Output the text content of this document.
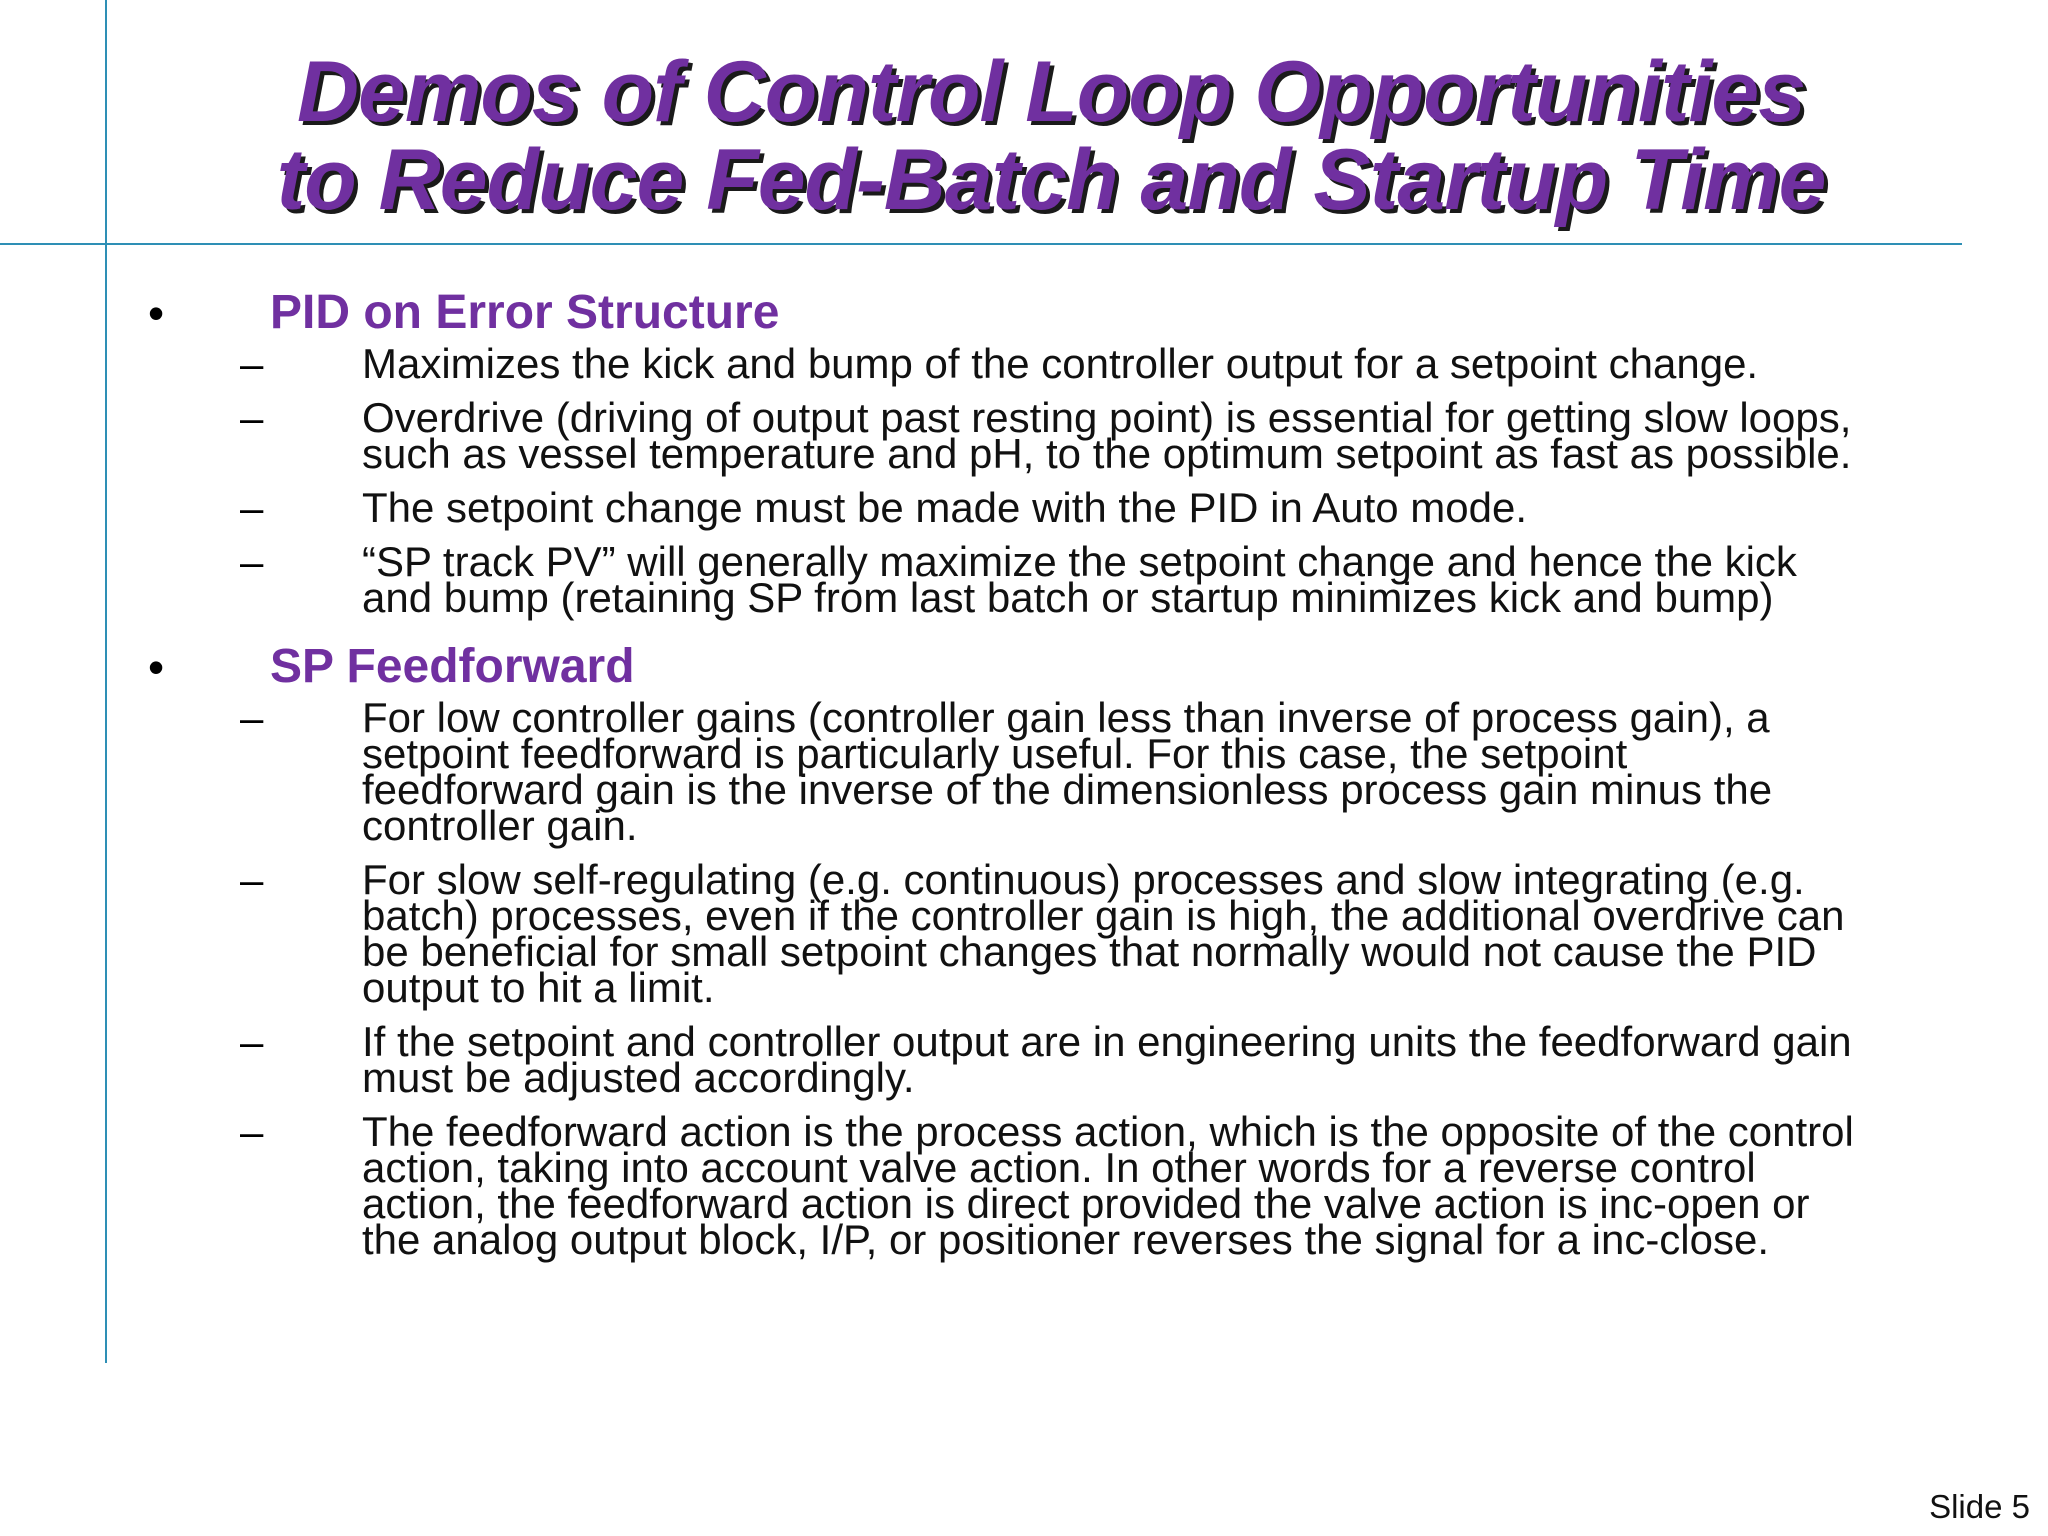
Demos of Control Loop Opportunities
to Reduce Fed-Batch and Startup Time
• PID on Error Structure
– Maximizes the kick and bump of the controller output for a setpoint change.
– Overdrive (driving of output past resting point) is essential for getting slow loops,
such as vessel temperature and pH, to the optimum setpoint as fast as possible.
– The setpoint change must be made with the PID in Auto mode.
– “SP track PV” will generally maximize the setpoint change and hence the kick
and bump (retaining SP from last batch or startup minimizes kick and bump)
• SP Feedforward
– For low controller gains (controller gain less than inverse of process gain), a
setpoint feedforward is particularly useful. For this case, the setpoint
feedforward gain is the inverse of the dimensionless process gain minus the
controller gain.
– For slow self-regulating (e.g. continuous) processes and slow integrating (e.g.
batch) processes, even if the controller gain is high, the additional overdrive can
be beneficial for small setpoint changes that normally would not cause the PID
output to hit a limit.
– If the setpoint and controller output are in engineering units the feedforward gain
must be adjusted accordingly.
– The feedforward action is the process action, which is the opposite of the control
action, taking into account valve action. In other words for a reverse control
action, the feedforward action is direct provided the valve action is inc-open or
the analog output block, I/P, or positioner reverses the signal for a inc-close.
Slide 5
